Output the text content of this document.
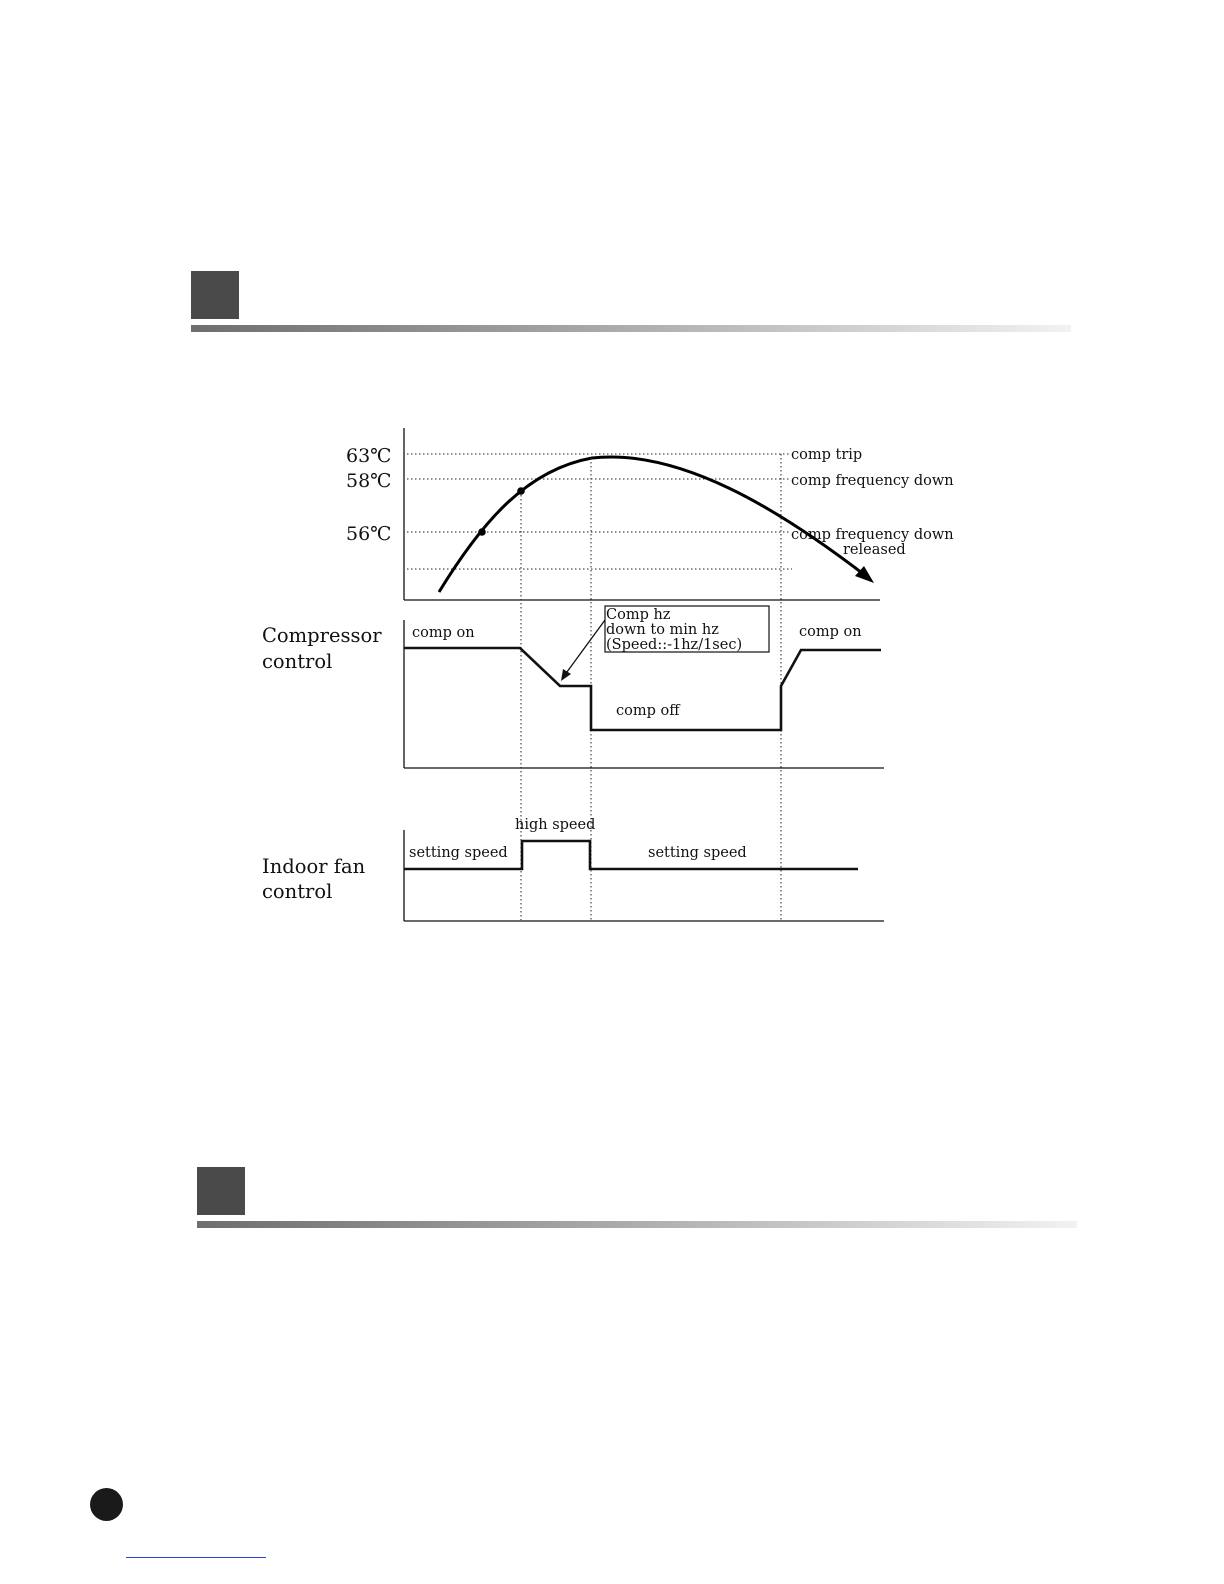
63℃
58℃
56℃
comp trip
comp frequency down
comp frequency down
released
Compressor
control
comp on	comp on
comp off
Comp hz
down to min hz
(Speed::-1hz/1sec)
Indoor fan
control
setting speed
high speed
setting speed
